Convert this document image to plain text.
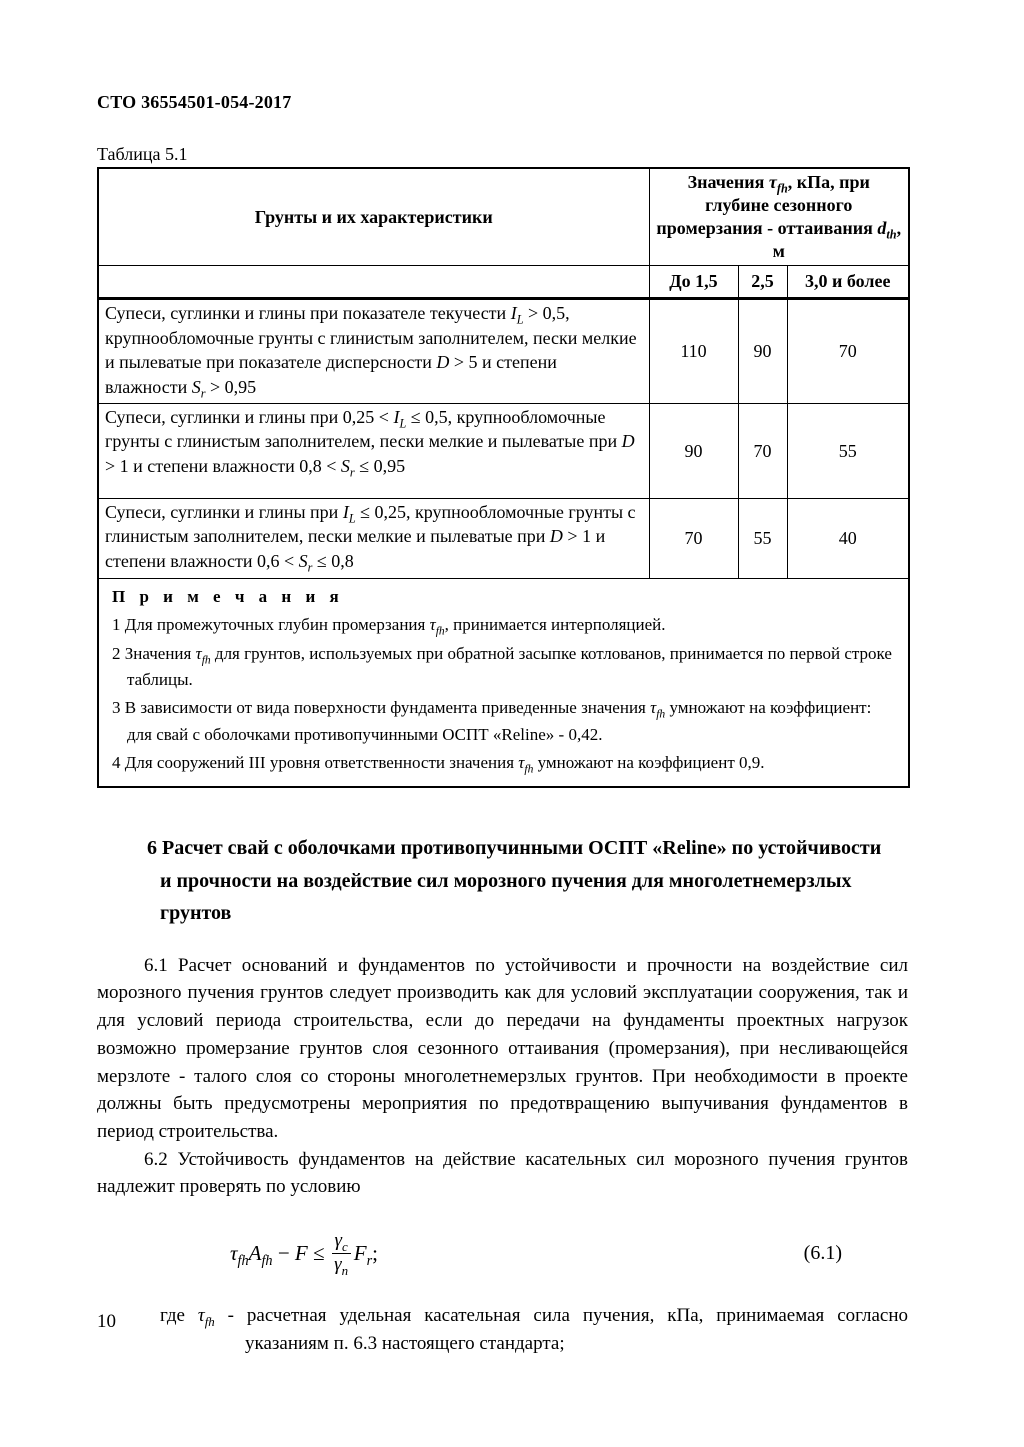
СТО 36554501-054-2017
Таблица 5.1
Грунты и их характеристики	Значения $\tau_{fh}$, кПа, при глубине сезонного промерзания - оттаивания $d_{th}$, м		
	До 1,5	2,5	3,0 и более
Супеси, суглинки и глины при показателе текучести $I_L > 0,5$, крупнообломочные грунты с глинистым заполнителем, пески мелкие и пылеватые при показателе дисперсности D > 5 и степени влажности $S_r > 0,95$	110	90	70
Супеси, суглинки и глины при $0,25 < I_L \le 0,5$, крупнообломочные грунты с глинистым заполнителем, пески мелкие и пылеватые при D > 1 и степени влажности $0,8 < S_r \le 0,95$	90	70	55
Супеси, суглинки и глины при $I_L \le 0,25$, крупнообломочные грунты с глинистым заполнителем, пески мелкие и пылеватые при D > 1 и степени влажности $0,6 < S_r \le 0,8$	70	55	40

П р и м е ч а н и я
1 Для промежуточных глубин промерзания $\tau_{fh}$, принимается интерполяцией.
2 Значения $\tau_{fh}$ для грунтов, используемых при обратной засыпке котлованов, принимается по первой строке таблицы.
3 В зависимости от вида поверхности фундамента приведенные значения $\tau_{fh}$ умножают на коэффициент: для свай с оболочками противопучинными ОСПТ «Reline» - 0,42.
4 Для сооружений III уровня ответственности значения $\tau_{fh}$ умножают на коэффициент 0,9.			
6 Расчет свай с оболочками противопучинными ОСПТ «Reline» по устойчивости и прочности на воздействие сил морозного пучения для многолетнемерзлых грунтов

6.1 Расчет оснований и фундаментов по устойчивости и прочности на воздействие сил морозного пучения грунтов следует производить как для условий эксплуатации сооружения, так и для условий периода строительства, если до передачи на фундаменты проектных нагрузок возможно промерзание грунтов слоя сезонного оттаивания (промерзания), при несливающейся мерзлоте - талого слоя со стороны многолетнемерзлых грунтов. При необходимости в проекте должны быть предусмотрены мероприятия по предотвращению выпучивания фундаментов в период строительства.

6.2 Устойчивость фундаментов на действие касательных сил морозного пучения грунтов надлежит проверять по условию

$\tau_{fh}A_{fh} - F \le \frac{\gamma_c}{\gamma_n} F_r$;	(6.1)

где $\tau_{fh}$ - расчетная удельная касательная сила пучения, кПа, принимаемая согласно указаниям п. 6.3 настоящего стандарта;

10
